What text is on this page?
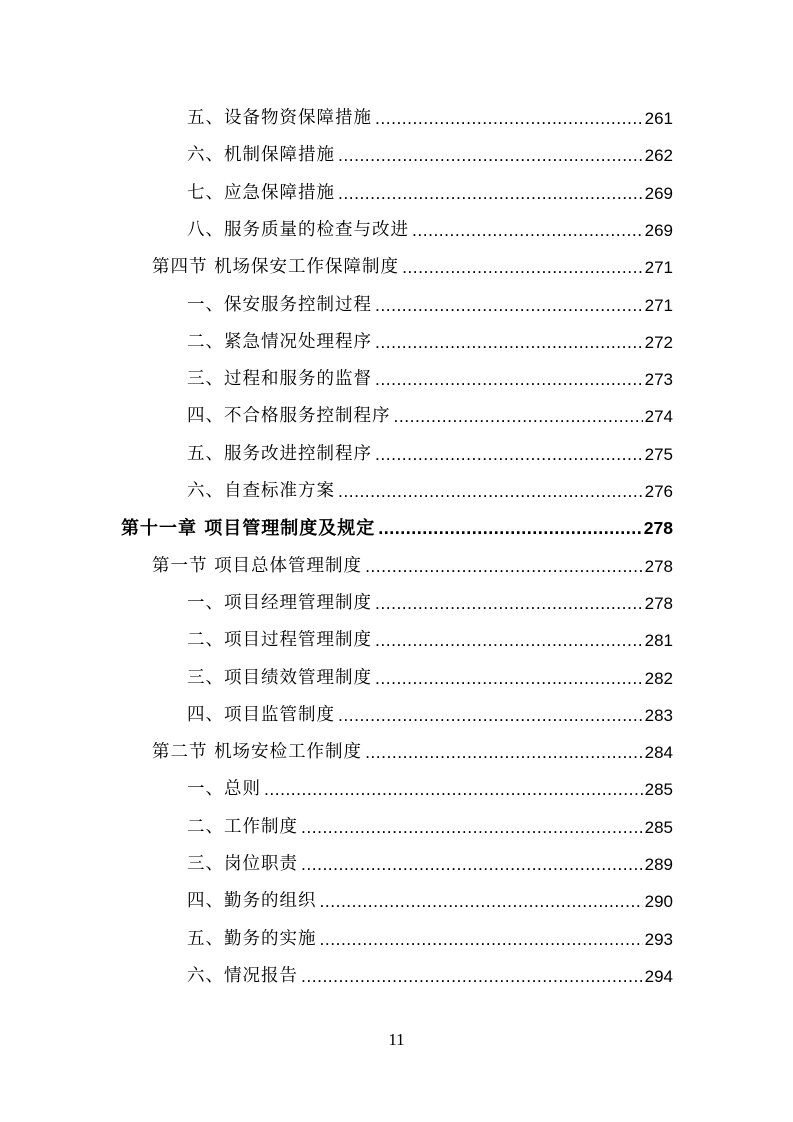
五、设备物资保障措施 .....	261
六、机制保障措施 .....	262
七、应急保障措施 .....	269
八、服务质量的检查与改进 .....	269
第四节 机场保安工作保障制度 .....	271
一、保安服务控制过程 .....	271
二、紧急情况处理程序 .....	272
三、过程和服务的监督 .....	273
四、不合格服务控制程序 .....	274
五、服务改进控制程序 .....	275
六、自查标准方案 .....	276
第十一章 项目管理制度及规定 .....	278
第一节 项目总体管理制度 .....	278
一、项目经理管理制度 .....	278
二、项目过程管理制度 .....	281
三、项目绩效管理制度 .....	282
四、项目监管制度 .....	283
第二节 机场安检工作制度 .....	284
一、总则 .....	285
二、工作制度 .....	285
三、岗位职责 .....	289
四、勤务的组织 .....	290
五、勤务的实施 .....	293
六、情况报告 .....	294
11
